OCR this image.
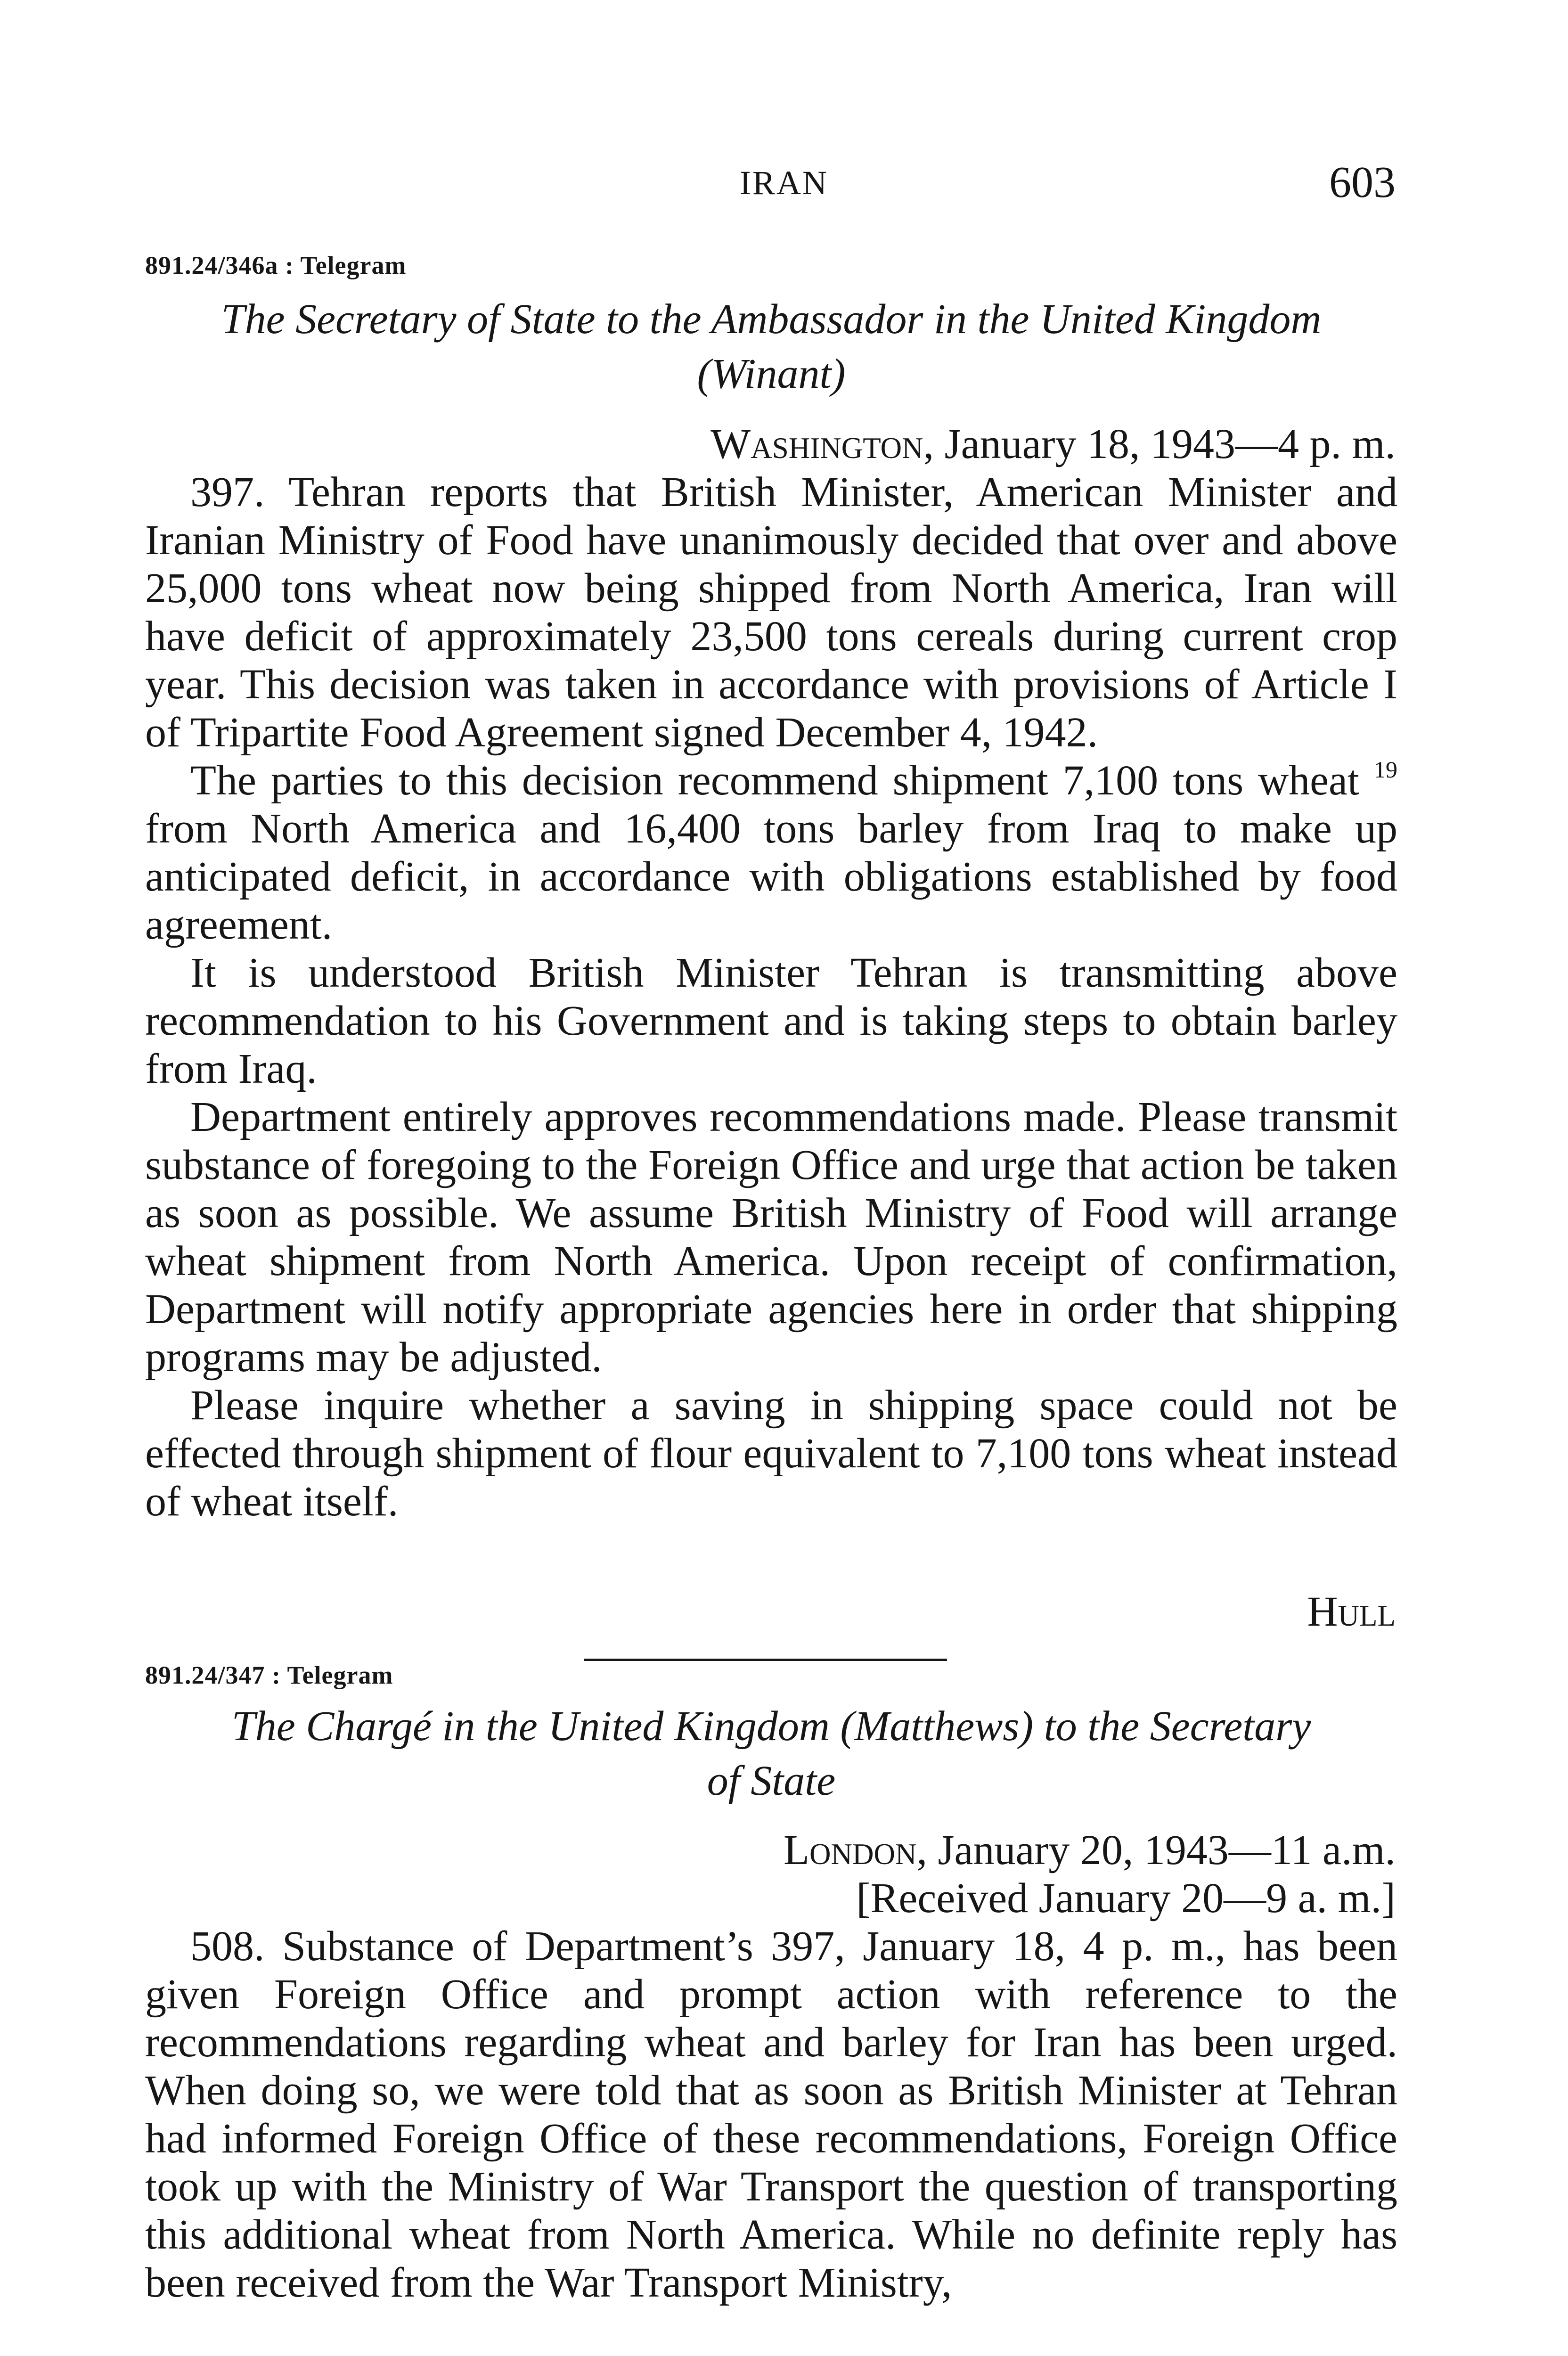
IRAN	603
891.24/346a : Telegram
The Secretary of State to the Ambassador in the United Kingdom
(Winant)
Washington, January 18, 1943—4 p. m.

397. Tehran reports that British Minister, American Minister and Iranian Ministry of Food have unanimously decided that over and above 25,000 tons wheat now being shipped from North America, Iran will have deficit of approximately 23,500 tons cereals during current crop year. This decision was taken in accordance with provisions of Article I of Tripartite Food Agreement signed December 4, 1942.

The parties to this decision recommend shipment 7,100 tons wheat $^{19}$ from North America and 16,400 tons barley from Iraq to make up anticipated deficit, in accordance with obligations established by food agreement.

It is understood British Minister Tehran is transmitting above recommendation to his Government and is taking steps to obtain barley from Iraq.

Department entirely approves recommendations made. Please transmit substance of foregoing to the Foreign Office and urge that action be taken as soon as possible. We assume British Ministry of Food will arrange wheat shipment from North America. Upon receipt of confirmation, Department will notify appropriate agencies here in order that shipping programs may be adjusted.

Please inquire whether a saving in shipping space could not be effected through shipment of flour equivalent to 7,100 tons wheat instead of wheat itself.

Hull
891.24/347 : Telegram
The Chargé in the United Kingdom (Matthews) to the Secretary
of State
London, January 20, 1943—11 a.m.
[Received January 20—9 a. m.]

508. Substance of Department’s 397, January 18, 4 p. m., has been given Foreign Office and prompt action with reference to the recommendations regarding wheat and barley for Iran has been urged. When doing so, we were told that as soon as British Minister at Tehran had informed Foreign Office of these recommendations, Foreign Office took up with the Ministry of War Transport the question of transporting this additional wheat from North America. While no definite reply has been received from the War Transport Ministry,
